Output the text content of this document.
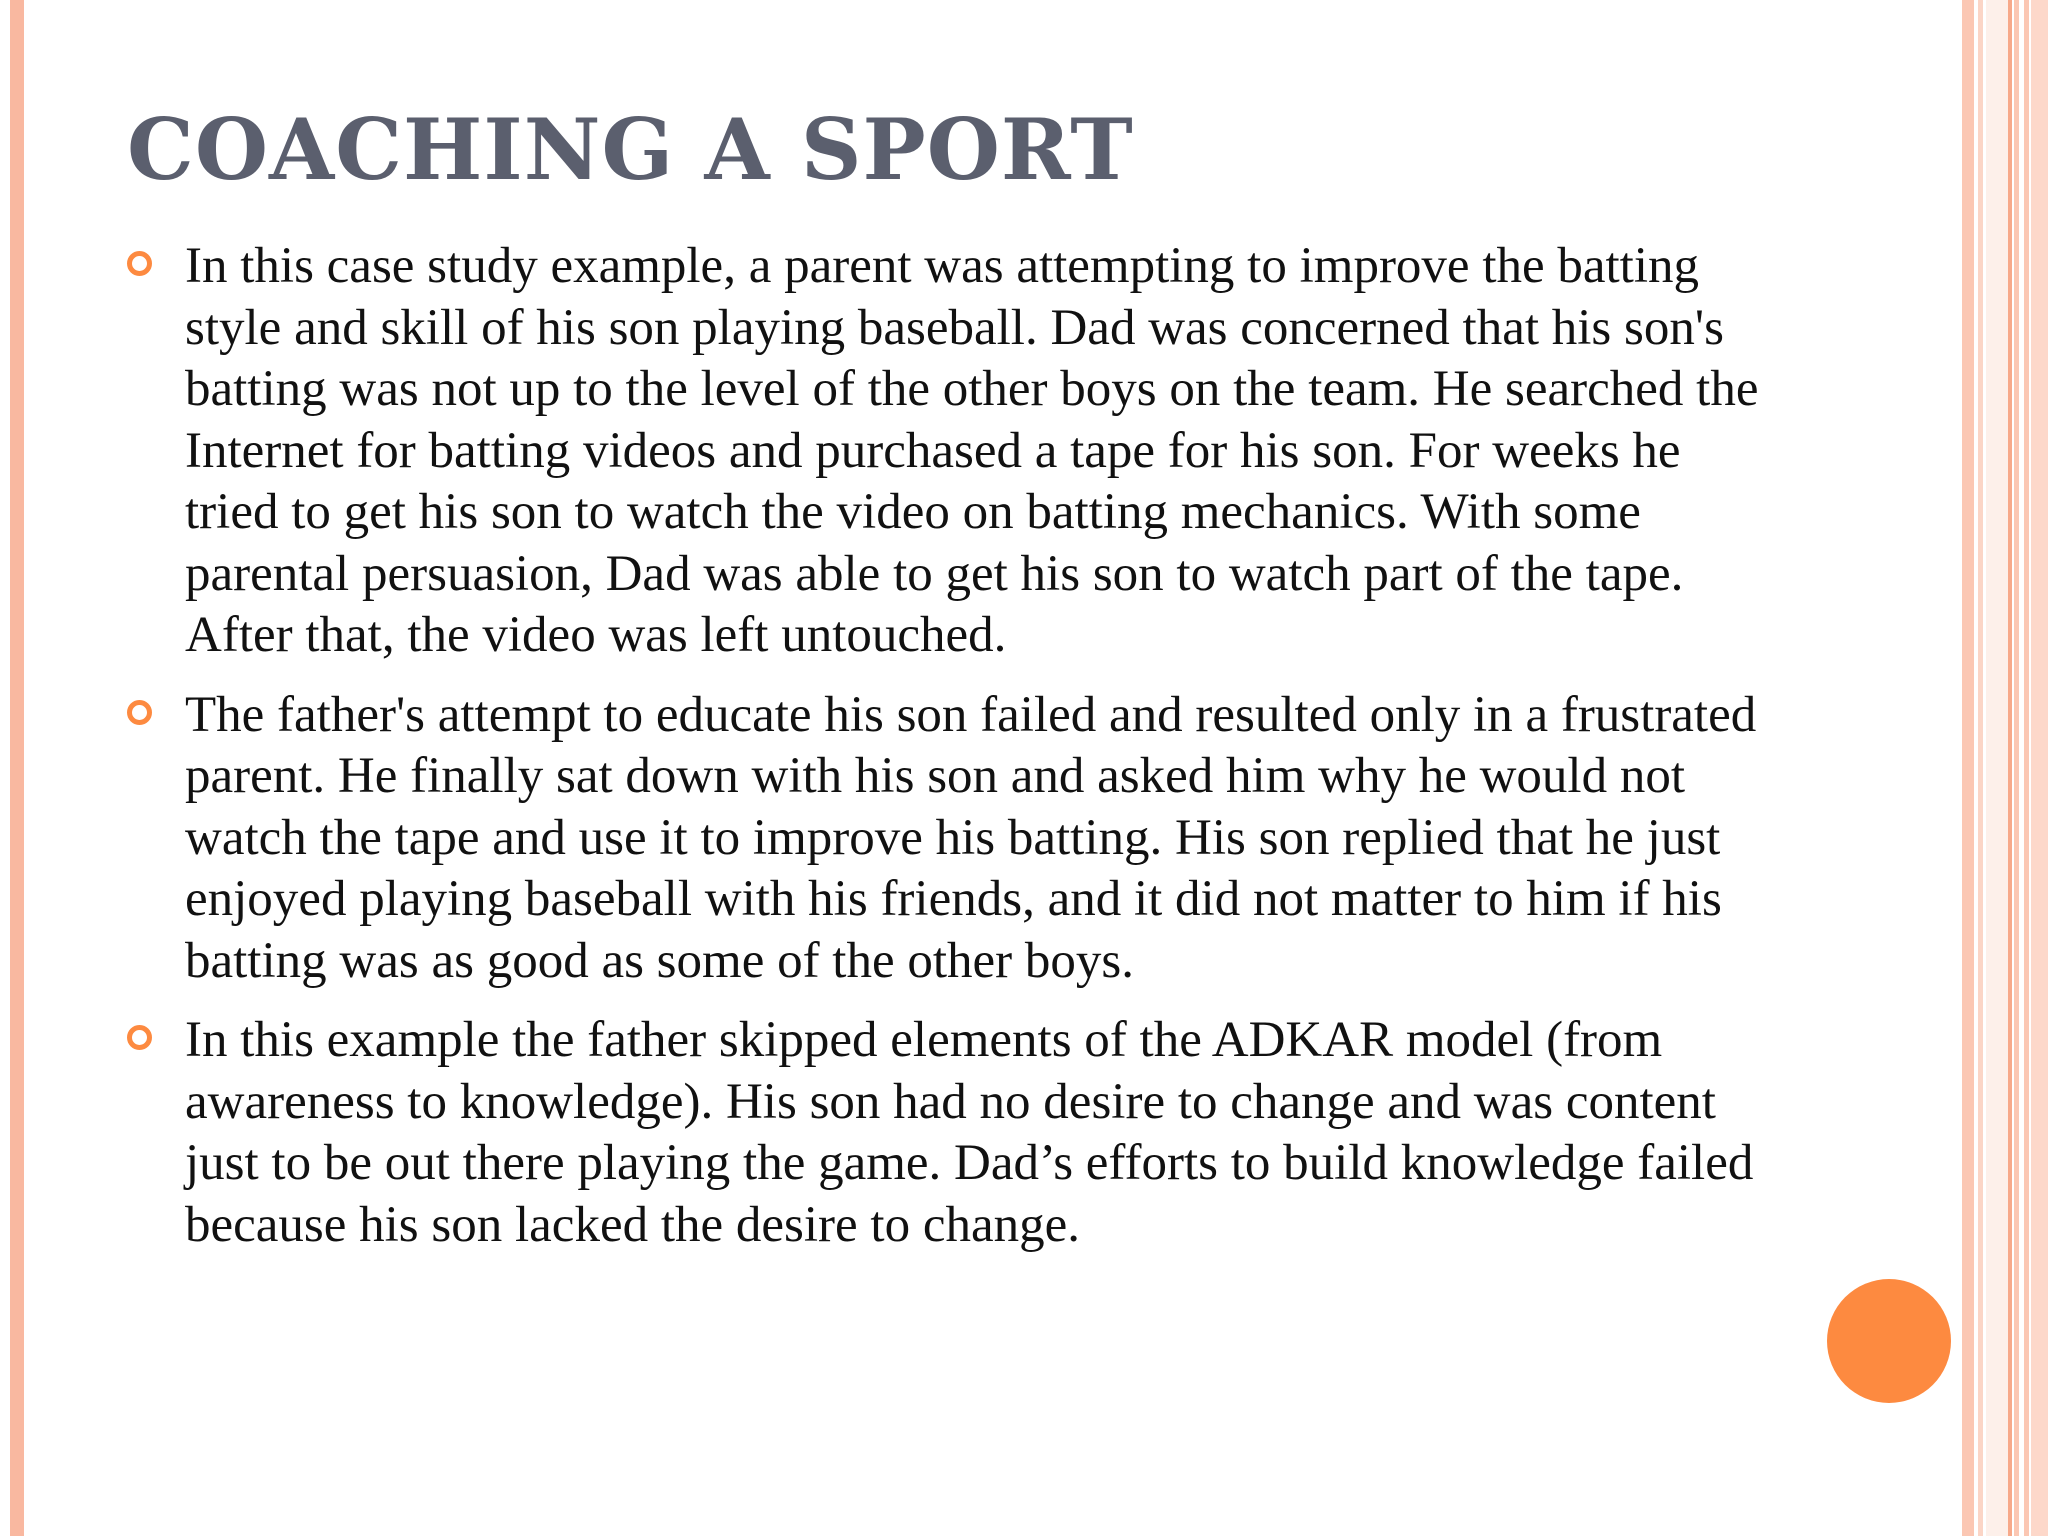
COACHING A SPORT
In this case study example, a parent was attempting to improve the batting style and skill of his son playing baseball. Dad was concerned that his son's batting was not up to the level of the other boys on the team. He searched the Internet for batting videos and purchased a tape for his son. For weeks he tried to get his son to watch the video on batting mechanics. With some parental persuasion, Dad was able to get his son to watch part of the tape. After that, the video was left untouched.
The father's attempt to educate his son failed and resulted only in a frustrated parent. He finally sat down with his son and asked him why he would not watch the tape and use it to improve his batting. His son replied that he just enjoyed playing baseball with his friends, and it did not matter to him if his batting was as good as some of the other boys.
In this example the father skipped elements of the ADKAR model (from awareness to knowledge). His son had no desire to change and was content just to be out there playing the game. Dad’s efforts to build knowledge failed because his son lacked the desire to change.
